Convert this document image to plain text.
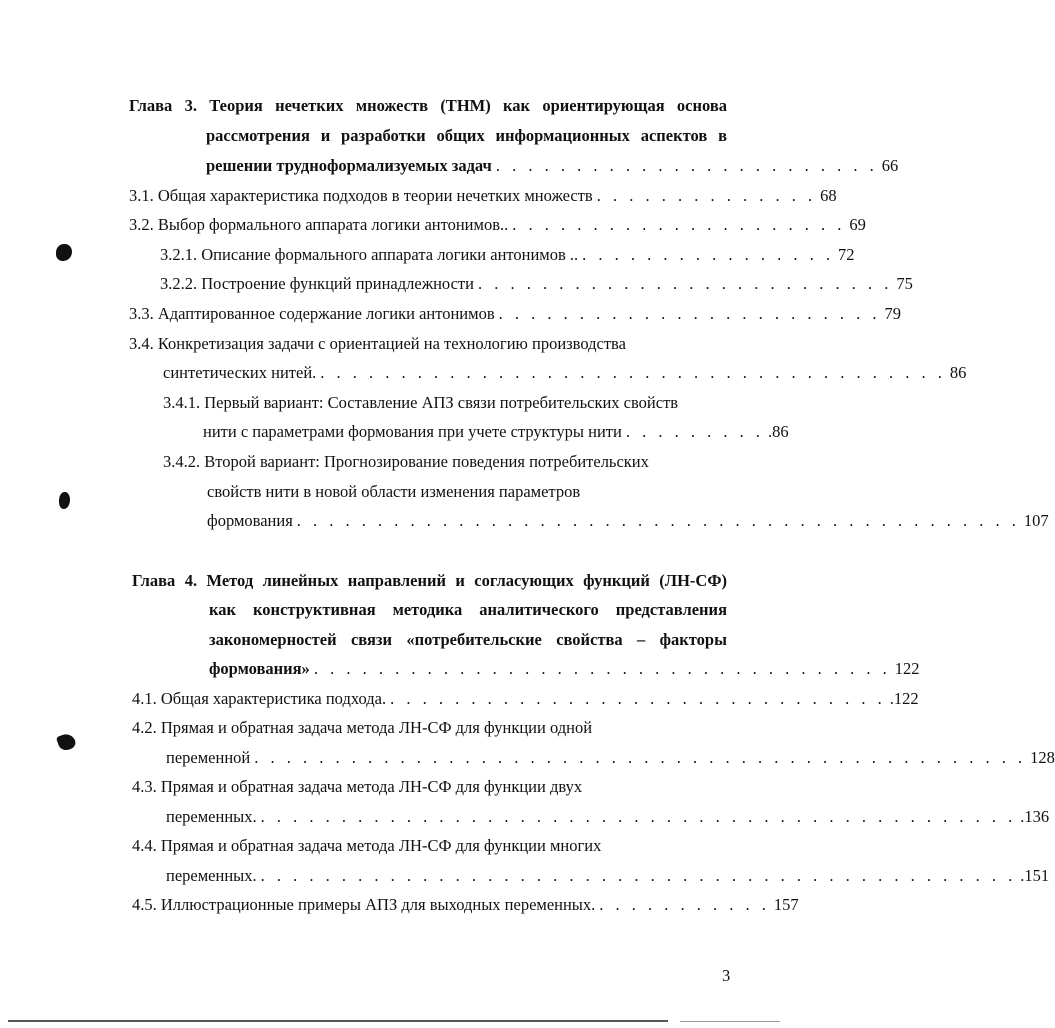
Глава 3. Теория нечетких множеств (ТНМ) как ориентирующая основа
рассмотрения и разработки общих информационных аспектов в
решении трудноформализуемых задач . . . . . . . . . . . . . . . . . . . . . . . . 66
3.1. Общая характеристика подходов в теории нечетких множеств . . . . . . . . . . . . . . 68
3.2. Выбор формального аппарата логики антонимов.. . . . . . . . . . . . . . . . . . . . . . 69
3.2.1. Описание формального аппарата логики антонимов .. . . . . . . . . . . . . . . . . 72
3.2.2. Построение функций принадлежности . . . . . . . . . . . . . . . . . . . . . . . . . . 75
3.3. Адаптированное содержание логики антонимов . . . . . . . . . . . . . . . . . . . . . . . . 79
3.4. Конкретизация задачи с ориентацией на технологию производства
синтетических нитей. . . . . . . . . . . . . . . . . . . . . . . . . . . . . . . . . . . . . . . . 86
3.4.1. Первый вариант: Составление АПЗ связи потребительских свойств
нити с параметрами формования при учете структуры нити . . . . . . . . . .86
3.4.2. Второй вариант: Прогнозирование поведения потребительских
свойств нити в новой области изменения параметров
формования . . . . . . . . . . . . . . . . . . . . . . . . . . . . . . . . . . . . . . . . . . . . . 107
Глава 4. Метод линейных направлений и согласующих функций (ЛН-СФ)
как конструктивная методика аналитического представления
закономерностей связи «потребительские свойства – факторы
формования» . . . . . . . . . . . . . . . . . . . . . . . . . . . . . . . . . . . . 122
4.1. Общая характеристика подхода. . . . . . . . . . . . . . . . . . . . . . . . . . . . . . . . .122
4.2. Прямая и обратная задача метода ЛН-СФ для функции одной
переменной . . . . . . . . . . . . . . . . . . . . . . . . . . . . . . . . . . . . . . . . . . . . . . . . 128
4.3. Прямая и обратная задача метода ЛН-СФ для функции двух
переменных. . . . . . . . . . . . . . . . . . . . . . . . . . . . . . . . . . . . . . . . . . . . . . . . .136
4.4. Прямая и обратная задача метода ЛН-СФ для функции многих
переменных. . . . . . . . . . . . . . . . . . . . . . . . . . . . . . . . . . . . . . . . . . . . . . . . .151
4.5. Иллюстрационные примеры АПЗ для выходных переменных. . . . . . . . . . . . 157
3
